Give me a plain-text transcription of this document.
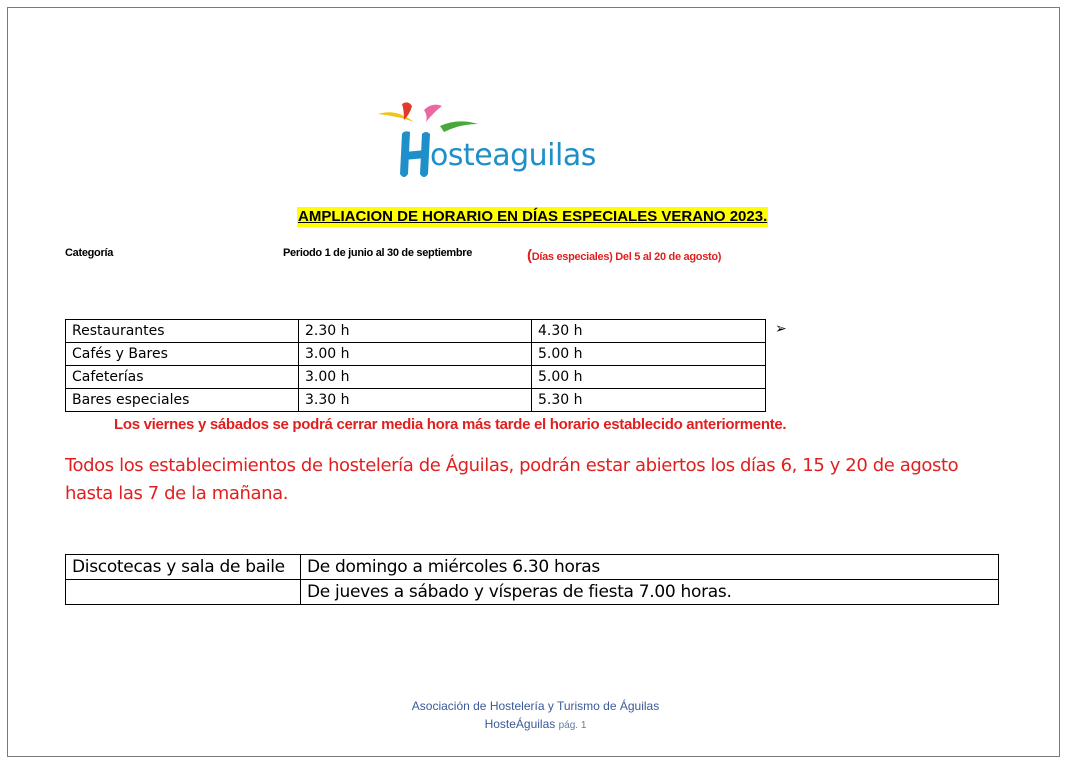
osteaguilas
AMPLIACION DE HORARIO EN DÍAS ESPECIALES VERANO 2023.
Categoría	Periodo 1 de junio al 30 de septiembre	(Días especiales) Del 5 al 20 de agosto)
Restaurantes	2.30 h	4.30 h
Cafés y Bares	3.00 h	5.00 h
Cafeterías	3.00 h	5.00 h
Bares especiales	3.30 h	5.30 h
➢
Los viernes y sábados se podrá cerrar media hora más tarde el horario establecido anteriormente.
Todos los establecimientos de hostelería de Águilas, podrán estar abiertos los días 6, 15 y 20 de agosto hasta las 7 de la mañana.
Discotecas y sala de baile	De domingo a miércoles 6.30 horas
	De jueves a sábado y vísperas de fiesta 7.00 horas.
Asociación de Hostelería y Turismo de Águilas
HosteÁguilas pág. 1
